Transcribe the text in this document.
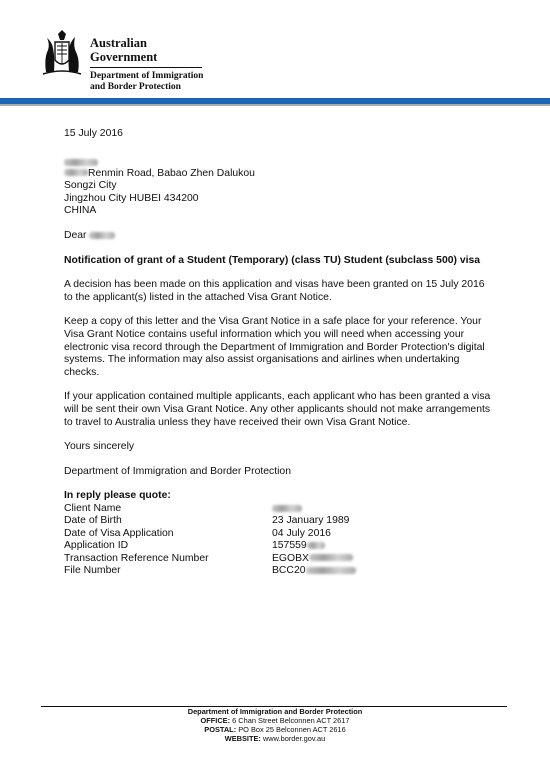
Australian Government
Department of Immigration
and Border Protection

15 July 2016

Renmin Road, Babao Zhen Dalukou

Songzi City

Jingzhou City HUBEI 434200

CHINA

Dear

Notification of grant of a Student (Temporary) (class TU) Student (subclass 500) visa

A decision has been made on this application and visas have been granted on 15 July 2016 to the applicant(s) listed in the attached Visa Grant Notice.

Keep a copy of this letter and the Visa Grant Notice in a safe place for your reference. Your Visa Grant Notice contains useful information which you will need when accessing your electronic visa record through the Department of Immigration and Border Protection's digital systems. The information may also assist organisations and airlines when undertaking checks.

If your application contained multiple applicants, each applicant who has been granted a visa will be sent their own Visa Grant Notice. Any other applicants should not make arrangements to travel to Australia unless they have received their own Visa Grant Notice.

Yours sincerely

Department of Immigration and Border Protection

In reply please quote:

Client Name
Date of Birth	23 January 1989
Date of Visa Application	04 July 2016
Application ID	157559
Transaction Reference Number	EGOBX
File Number	BCC20
Department of Immigration and Border Protection
OFFICE: 6 Chan Street Belconnen ACT 2617
POSTAL: PO Box 25 Belconnen ACT 2616
WEBSITE: www.border.gov.au
